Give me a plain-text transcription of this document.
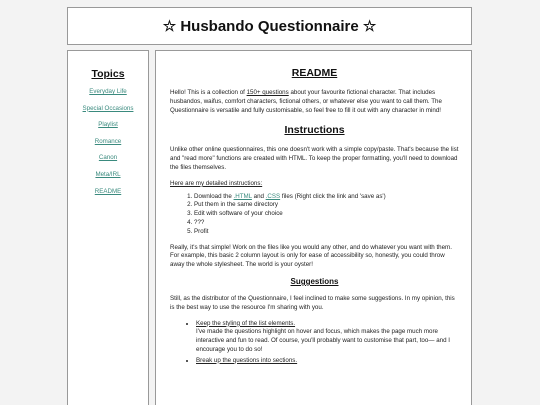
☆ Husbando Questionnaire ☆
Topics
Everyday Life
Special Occasions
Playlist
Romance
Canon
Meta/IRL
README
README

Hello! This is a collection of 150+ questions about your favourite fictional character. That includes husbandos, waifus, comfort characters, fictional others, or whatever else you want to call them. The Questionnaire is versatile and fully customisable, so feel free to fill it out with any character in mind!

Instructions

Unlike other online questionnaires, this one doesn't work with a simple copy/paste. That's because the list and "read more" functions are created with HTML. To keep the proper formatting, you'll need to download the files themselves.

Here are my detailed instructions:

1. Download the .HTML and .CSS files (Right click the link and 'save as')
2. Put them in the same directory
3. Edit with software of your choice
4. ???
5. Profit

Really, it's that simple! Work on the files like you would any other, and do whatever you want with them. For example, this basic 2 column layout is only for ease of accessibility so, honestly, you could throw away the whole stylesheet. The world is your oyster!

Suggestions

Still, as the distributor of the Questionnaire, I feel inclined to make some suggestions. In my opinion, this is the best way to use the resource I'm sharing with you.

• Keep the styling of the list elements.
I've made the questions highlight on hover and focus, which makes the page much more interactive and fun to read. Of course, you'll probably want to customise that part, too— and I encourage you to do so!
• Break up the questions into sections.
